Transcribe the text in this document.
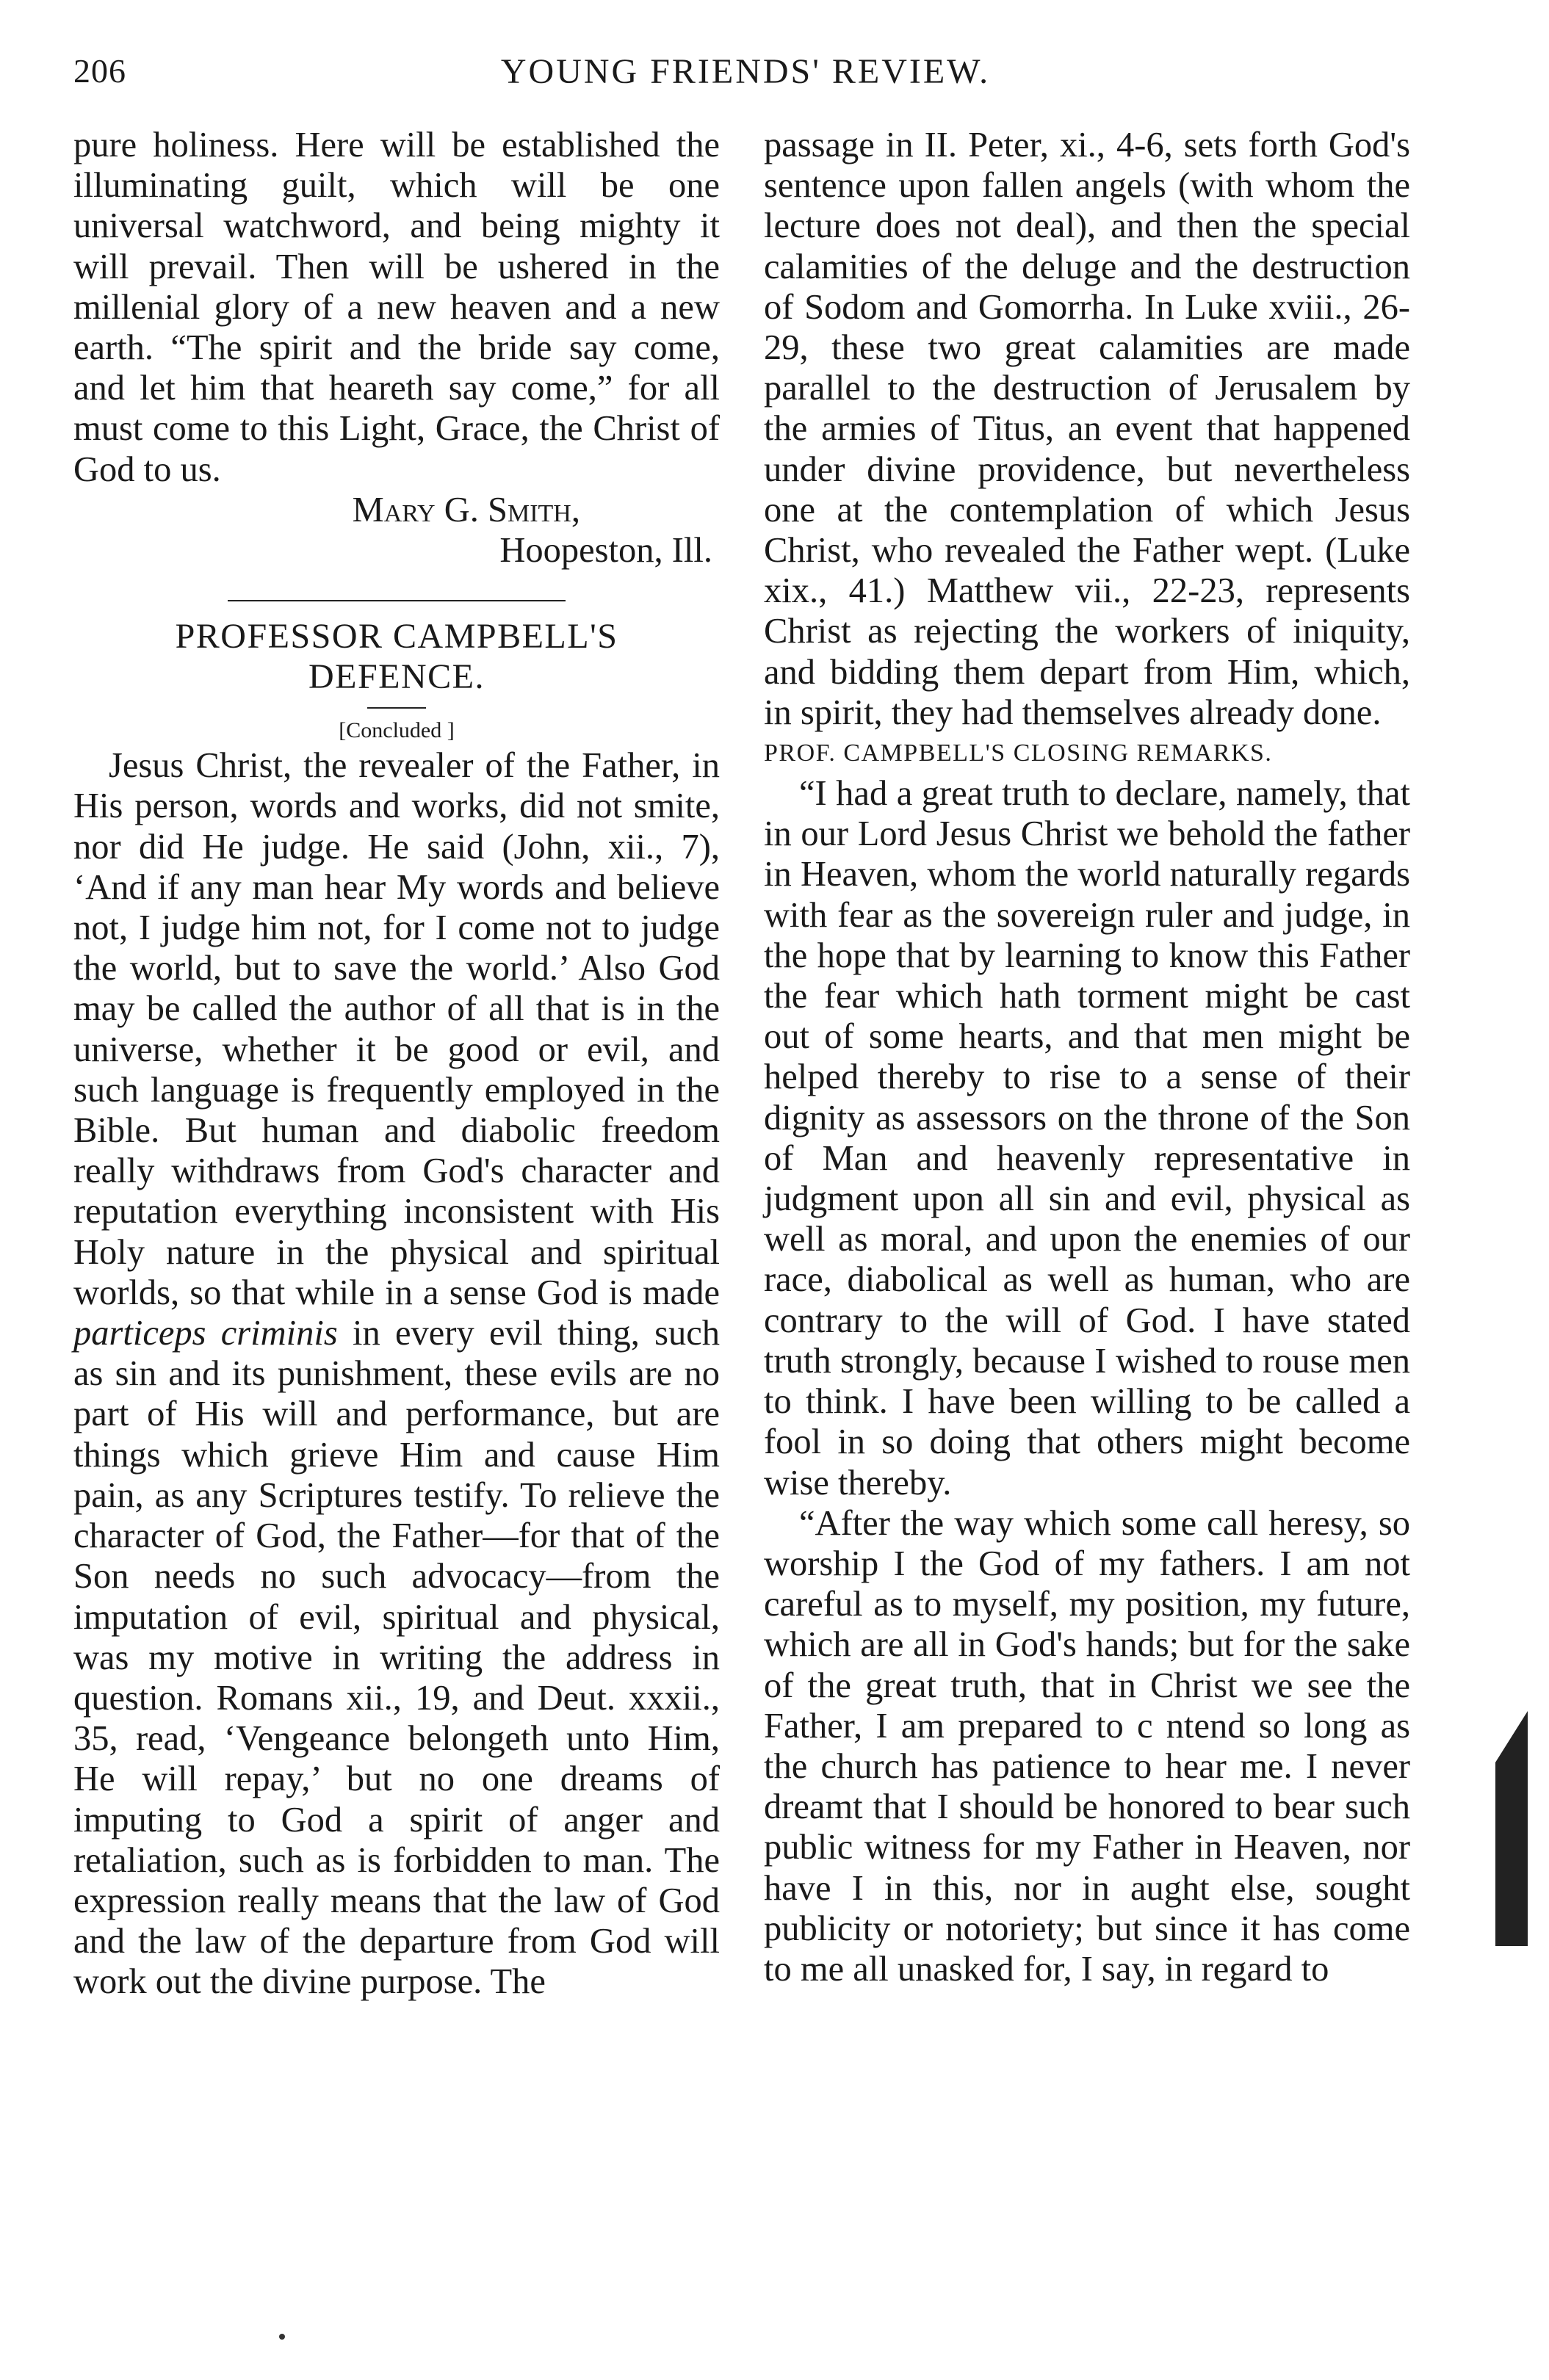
206	YOUNG FRIENDS' REVIEW.

pure holiness. Here will be established the illuminating guilt, which will be one universal watchword, and being mighty it will prevail. Then will be ushered in the millenial glory of a new heaven and a new earth. “The spirit and the bride say come, and let him that heareth say come,” for all must come to this Light, Grace, the Christ of God to us.

Mary G. Smith,

Hoopeston, Ill.

PROFESSOR CAMPBELL'S

DEFENCE.

[Concluded ]

Jesus Christ, the revealer of the Father, in His person, words and works, did not smite, nor did He judge. He said (John, xii., 7), ‘And if any man hear My words and believe not, I judge him not, for I come not to judge the world, but to save the world.’ Also God may be called the author of all that is in the universe, whether it be good or evil, and such language is frequently employed in the Bible. But human and diabolic freedom really withdraws from God's character and reputation everything inconsistent with His Holy nature in the physical and spiritual worlds, so that while in a sense God is made particeps criminis in every evil thing, such as sin and its punishment, these evils are no part of His will and performance, but are things which grieve Him and cause Him pain, as any Scriptures testify. To relieve the character of God, the Father—for that of the Son needs no such advocacy—from the imputation of evil, spiritual and physical, was my motive in writing the address in question. Romans xii., 19, and Deut. xxxii., 35, read, ‘Vengeance belongeth unto Him, He will repay,’ but no one dreams of imputing to God a spirit of anger and retaliation, such as is forbidden to man. The expression really means that the law of God and the law of the departure from God will work out the divine purpose. The

passage in II. Peter, xi., 4-6, sets forth God's sentence upon fallen angels (with whom the lecture does not deal), and then the special calamities of the deluge and the destruction of Sodom and Gomorrha. In Luke xviii., 26-29, these two great calamities are made parallel to the destruction of Jerusalem by the armies of Titus, an event that happened under divine providence, but nevertheless one at the contemplation of which Jesus Christ, who revealed the Father wept. (Luke xix., 41.) Matthew vii., 22-23, represents Christ as rejecting the workers of iniquity, and bidding them depart from Him, which, in spirit, they had themselves already done.

PROF. CAMPBELL'S CLOSING REMARKS.

“I had a great truth to declare, namely, that in our Lord Jesus Christ we behold the father in Heaven, whom the world naturally regards with fear as the sovereign ruler and judge, in the hope that by learning to know this Father the fear which hath torment might be cast out of some hearts, and that men might be helped thereby to rise to a sense of their dignity as assessors on the throne of the Son of Man and heavenly representative in judgment upon all sin and evil, physical as well as moral, and upon the enemies of our race, diabolical as well as human, who are contrary to the will of God. I have stated truth strongly, because I wished to rouse men to think. I have been willing to be called a fool in so doing that others might become wise thereby.

“After the way which some call heresy, so worship I the God of my fathers. I am not careful as to myself, my position, my future, which are all in God's hands; but for the sake of the great truth, that in Christ we see the Father, I am prepared to c ntend so long as the church has patience to hear me. I never dreamt that I should be honored to bear such public witness for my Father in Heaven, nor have I in this, nor in aught else, sought publicity or notoriety; but since it has come to me all unasked for, I say, in regard to
